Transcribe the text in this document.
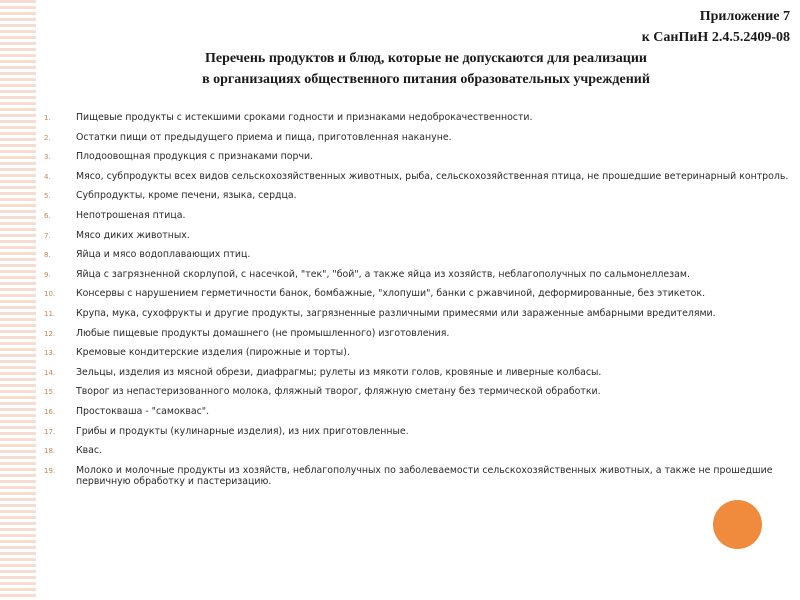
Приложение 7
к СанПиН 2.4.5.2409-08
Перечень продуктов и блюд, которые не допускаются для реализации
в организациях общественного питания образовательных учреждений
1.	Пищевые продукты с истекшими сроками годности и признаками недоброкачественности.
2.	Остатки пищи от предыдущего приема и пища, приготовленная накануне.
3.	Плодоовощная продукция с признаками порчи.
4.	Мясо, субпродукты всех видов сельскохозяйственных животных, рыба, сельскохозяйственная птица, не прошедшие ветеринарный контроль.
5.	Субпродукты, кроме печени, языка, сердца.
6.	Непотрошеная птица.
7.	Мясо диких животных.
8.	Яйца и мясо водоплавающих птиц.
9.	Яйца с загрязненной скорлупой, с насечкой, "тек", "бой", а также яйца из хозяйств, неблагополучных по сальмонеллезам.
10.	Консервы с нарушением герметичности банок, бомбажные, "хлопуши", банки с ржавчиной, деформированные, без этикеток.
11.	Крупа, мука, сухофрукты и другие продукты, загрязненные различными примесями или зараженные амбарными вредителями.
12.	Любые пищевые продукты домашнего (не промышленного) изготовления.
13.	Кремовые кондитерские изделия (пирожные и торты).
14.	Зельцы, изделия из мясной обрези, диафрагмы; рулеты из мякоти голов, кровяные и ливерные колбасы.
15.	Творог из непастеризованного молока, фляжный творог, фляжную сметану без термической обработки.
16.	Простокваша - "самоквас".
17.	Грибы и продукты (кулинарные изделия), из них приготовленные.
18.	Квас.
19.	Молоко и молочные продукты из хозяйств, неблагополучных по заболеваемости сельскохозяйственных животных, а также не прошедшие первичную обработку и пастеризацию.
